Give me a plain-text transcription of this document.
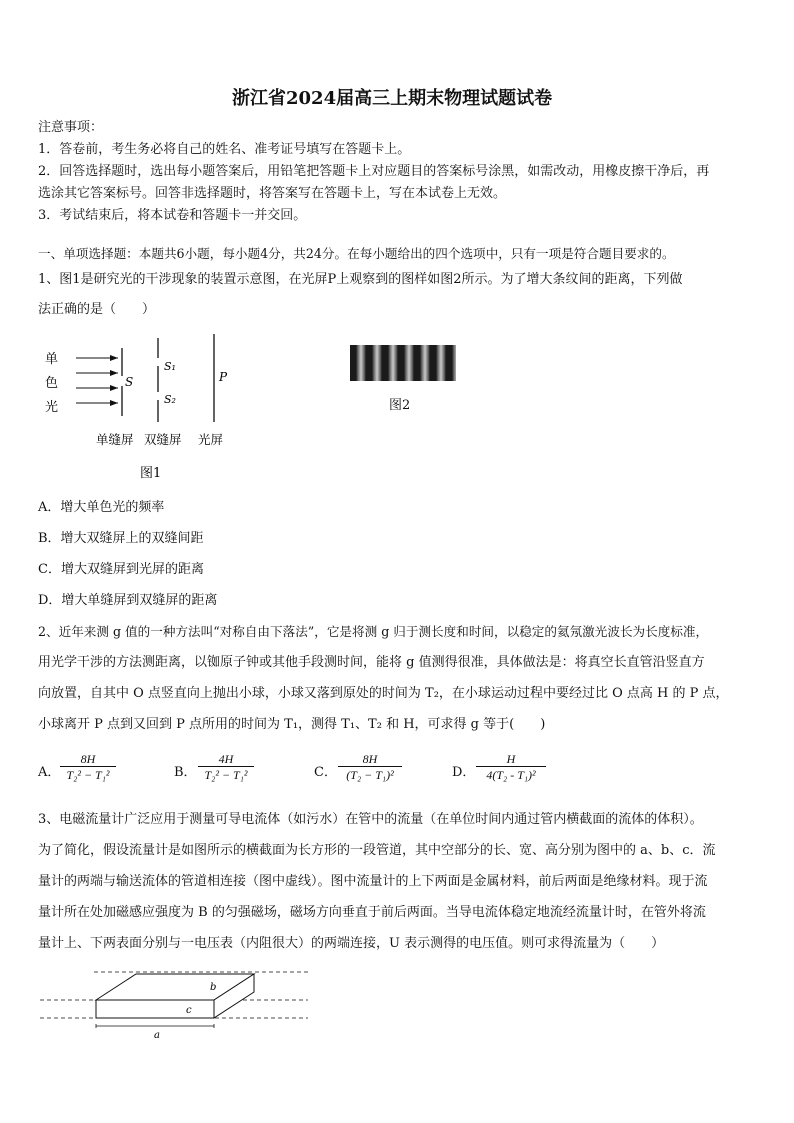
浙江省2024届高三上期末物理试题试卷
注意事项：
1．答卷前，考生务必将自己的姓名、准考证号填写在答题卡上。
2．回答选择题时，选出每小题答案后，用铅笔把答题卡上对应题目的答案标号涂黑，如需改动，用橡皮擦干净后，再
选涂其它答案标号。回答非选择题时，将答案写在答题卡上，写在本试卷上无效。
3．考试结束后，将本试卷和答题卡一并交回。
一、单项选择题：本题共6小题，每小题4分，共24分。在每小题给出的四个选项中，只有一项是符合题目要求的。
1、图1是研究光的干涉现象的装置示意图，在光屏P上观察到的图样如图2所示。为了增大条纹间的距离，下列做
法正确的是（　　）
单
色
光
S
S₁
S₂
P
单缝屏 双缝屏 光屏
图1
图2
A．增大单色光的频率
B．增大双缝屏上的双缝间距
C．增大双缝屏到光屏的距离
D．增大单缝屏到双缝屏的距离
2、近年来测 g 值的一种方法叫“对称自由下落法”，它是将测 g 归于测长度和时间，以稳定的氦氖激光波长为长度标准，
用光学干涉的方法测距离，以铷原子钟或其他手段测时间，能将 g 值测得很准，具体做法是：将真空长直管沿竖直方
向放置，自其中 O 点竖直向上抛出小球，小球又落到原处的时间为 T₂，在小球运动过程中要经过比 O 点高 H 的 P 点，
小球离开 P 点到又回到 P 点所用的时间为 T₁，测得 T₁、T₂ 和 H，可求得 g 等于(　　)
A． $\frac{8H}{\text{T₂² − T₁²}}$	B． $\frac{4H}{\text{T₂² − T₁²}}$	C． $\frac{8H}{\text{(T₂ − T₁)²}}$	D． $\frac{H}{\text{4(T₂ - T₁)²}}$
3、电磁流量计广泛应用于测量可导电流体（如污水）在管中的流量（在单位时间内通过管内横截面的流体的体积）。
为了简化，假设流量计是如图所示的横截面为长方形的一段管道，其中空部分的长、宽、高分别为图中的 a、b、c．流
量计的两端与输送流体的管道相连接（图中虚线）。图中流量计的上下两面是金属材料，前后两面是绝缘材料。现于流
量计所在处加磁感应强度为 B 的匀强磁场，磁场方向垂直于前后两面。当导电流体稳定地流经流量计时，在管外将流
量计上、下两表面分别与一电压表（内阻很大）的两端连接，U 表示测得的电压值。则可求得流量为（　　）
a
b
c
